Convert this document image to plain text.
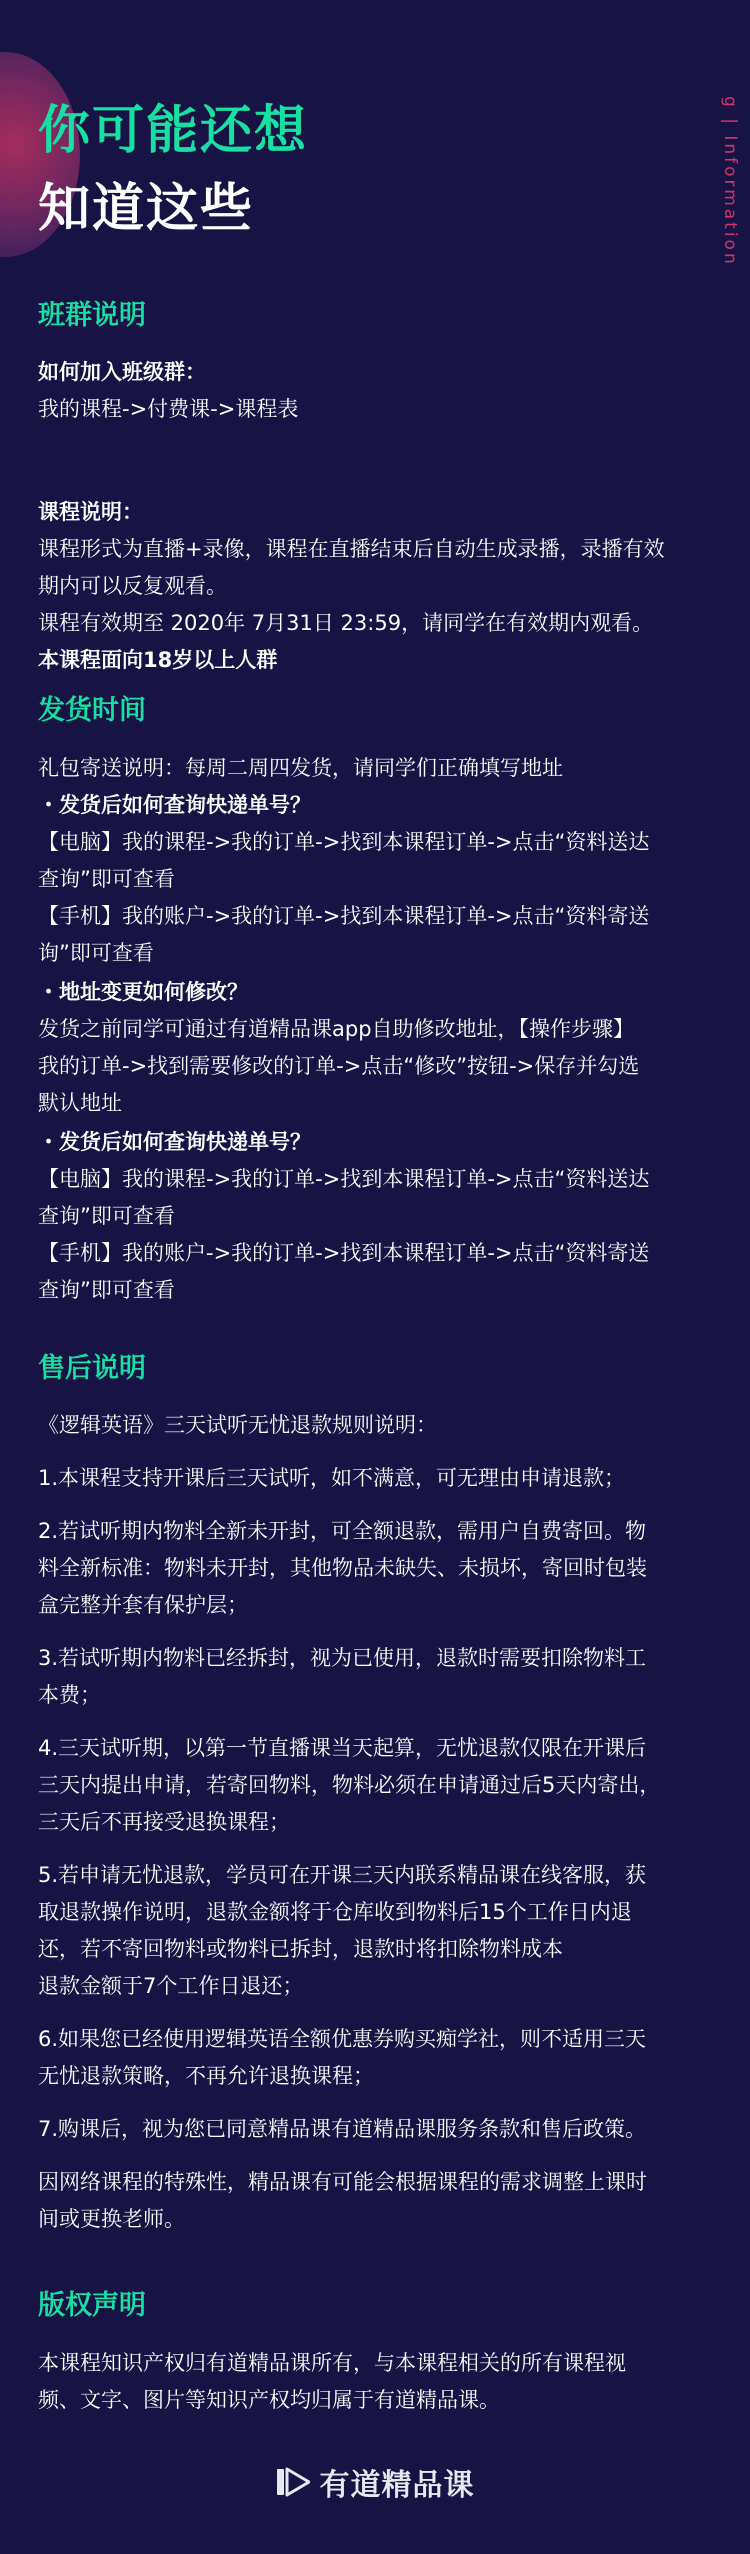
你可能还想
知道这些	g | Information
班群说明

如何加入班级群：

我的课程->付费课->课程表

课程说明：

课程形式为直播+录像，课程在直播结束后自动生成录播，录播有效

期内可以反复观看。

课程有效期至 2020年 7月31日 23:59，请同学在有效期内观看。

本课程面向18岁以上人群

发货时间

礼包寄送说明：每周二周四发货，请同学们正确填写地址

・发货后如何查询快递单号？

【电脑】我的课程->我的订单->找到本课程订单->点击“资料送达

查询”即可查看

【手机】我的账户->我的订单->找到本课程订单->点击“资料寄送

询”即可查看

・地址变更如何修改？

发货之前同学可通过有道精品课app自助修改地址，【操作步骤】

我的订单->找到需要修改的订单->点击“修改”按钮->保存并勾选

默认地址

・发货后如何查询快递单号？

【电脑】我的课程->我的订单->找到本课程订单->点击“资料送达

查询”即可查看

【手机】我的账户->我的订单->找到本课程订单->点击“资料寄送

查询”即可查看

售后说明

《逻辑英语》三天试听无忧退款规则说明：

1.本课程支持开课后三天试听，如不满意，可无理由申请退款；

2.若试听期内物料全新未开封，可全额退款，需用户自费寄回。物

料全新标准：物料未开封，其他物品未缺失、未损坏，寄回时包装

盒完整并套有保护层；

3.若试听期内物料已经拆封，视为已使用，退款时需要扣除物料工

本费；

4.三天试听期，以第一节直播课当天起算，无忧退款仅限在开课后

三天内提出申请，若寄回物料，物料必须在申请通过后5天内寄出，

三天后不再接受退换课程；

5.若申请无忧退款，学员可在开课三天内联系精品课在线客服，获

取退款操作说明，退款金额将于仓库收到物料后15个工作日内退

还，若不寄回物料或物料已拆封，退款时将扣除物料成本

退款金额于7个工作日退还；

6.如果您已经使用逻辑英语全额优惠券购买痴学社，则不适用三天

无忧退款策略，不再允许退换课程；

7.购课后，视为您已同意精品课有道精品课服务条款和售后政策。

因网络课程的特殊性，精品课有可能会根据课程的需求调整上课时

间或更换老师。

版权声明

本课程知识产权归有道精品课所有，与本课程相关的所有课程视

频、文字、图片等知识产权均归属于有道精品课。

有道精品课
